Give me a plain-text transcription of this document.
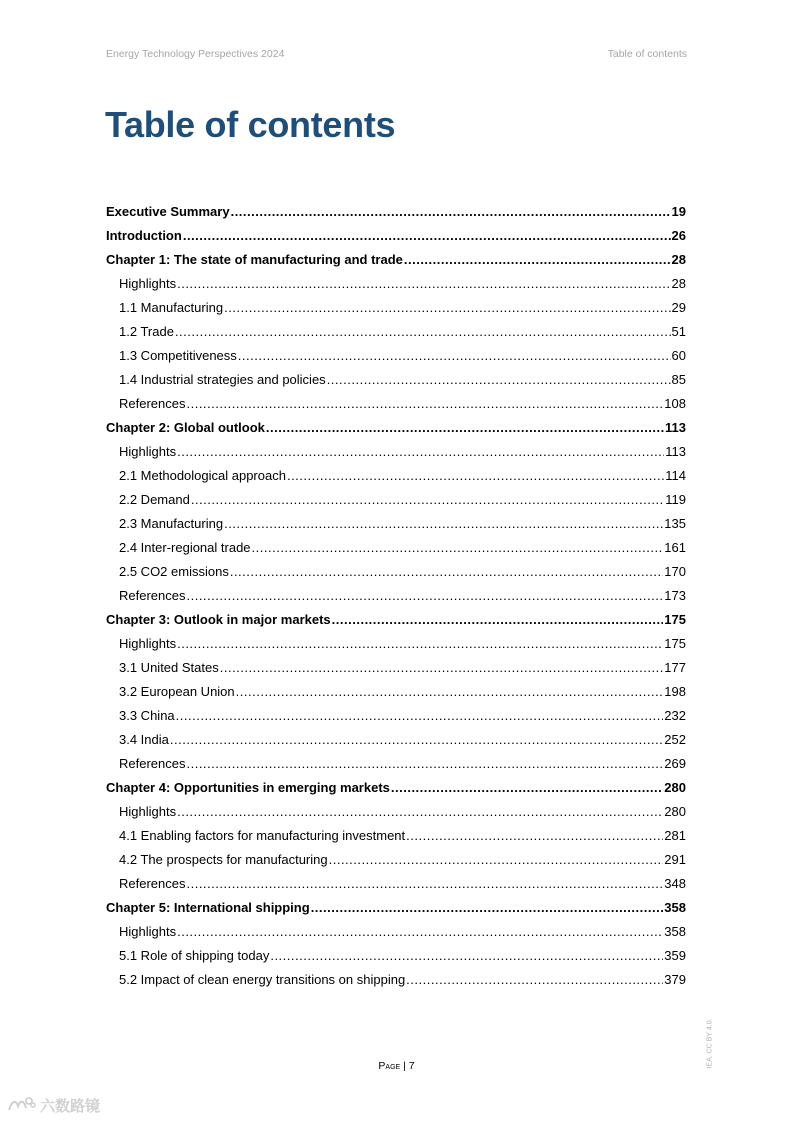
Energy Technology Perspectives 2024	Table of contents
Table of contents
Executive Summary .....	19
Introduction .....	26
Chapter 1: The state of manufacturing and trade .....	28
Highlights .....	28
1.1 Manufacturing .....	29
1.2 Trade .....	51
1.3 Competitiveness .....	60
1.4 Industrial strategies and policies .....	85
References .....	108
Chapter 2: Global outlook .....	113
Highlights .....	113
2.1 Methodological approach .....	114
2.2 Demand .....	119
2.3 Manufacturing .....	135
2.4 Inter-regional trade .....	161
2.5 CO2 emissions .....	170
References .....	173
Chapter 3: Outlook in major markets .....	175
Highlights .....	175
3.1 United States .....	177
3.2 European Union .....	198
3.3 China .....	232
3.4 India .....	252
References .....	269
Chapter 4: Opportunities in emerging markets .....	280
Highlights .....	280
4.1 Enabling factors for manufacturing investment .....	281
4.2 The prospects for manufacturing .....	291
References .....	348
Chapter 5: International shipping .....	358
Highlights .....	358
5.1 Role of shipping today .....	359
5.2 Impact of clean energy transitions on shipping .....	379
Page | 7	IEA. CC BY 4.0.
六数路镜
